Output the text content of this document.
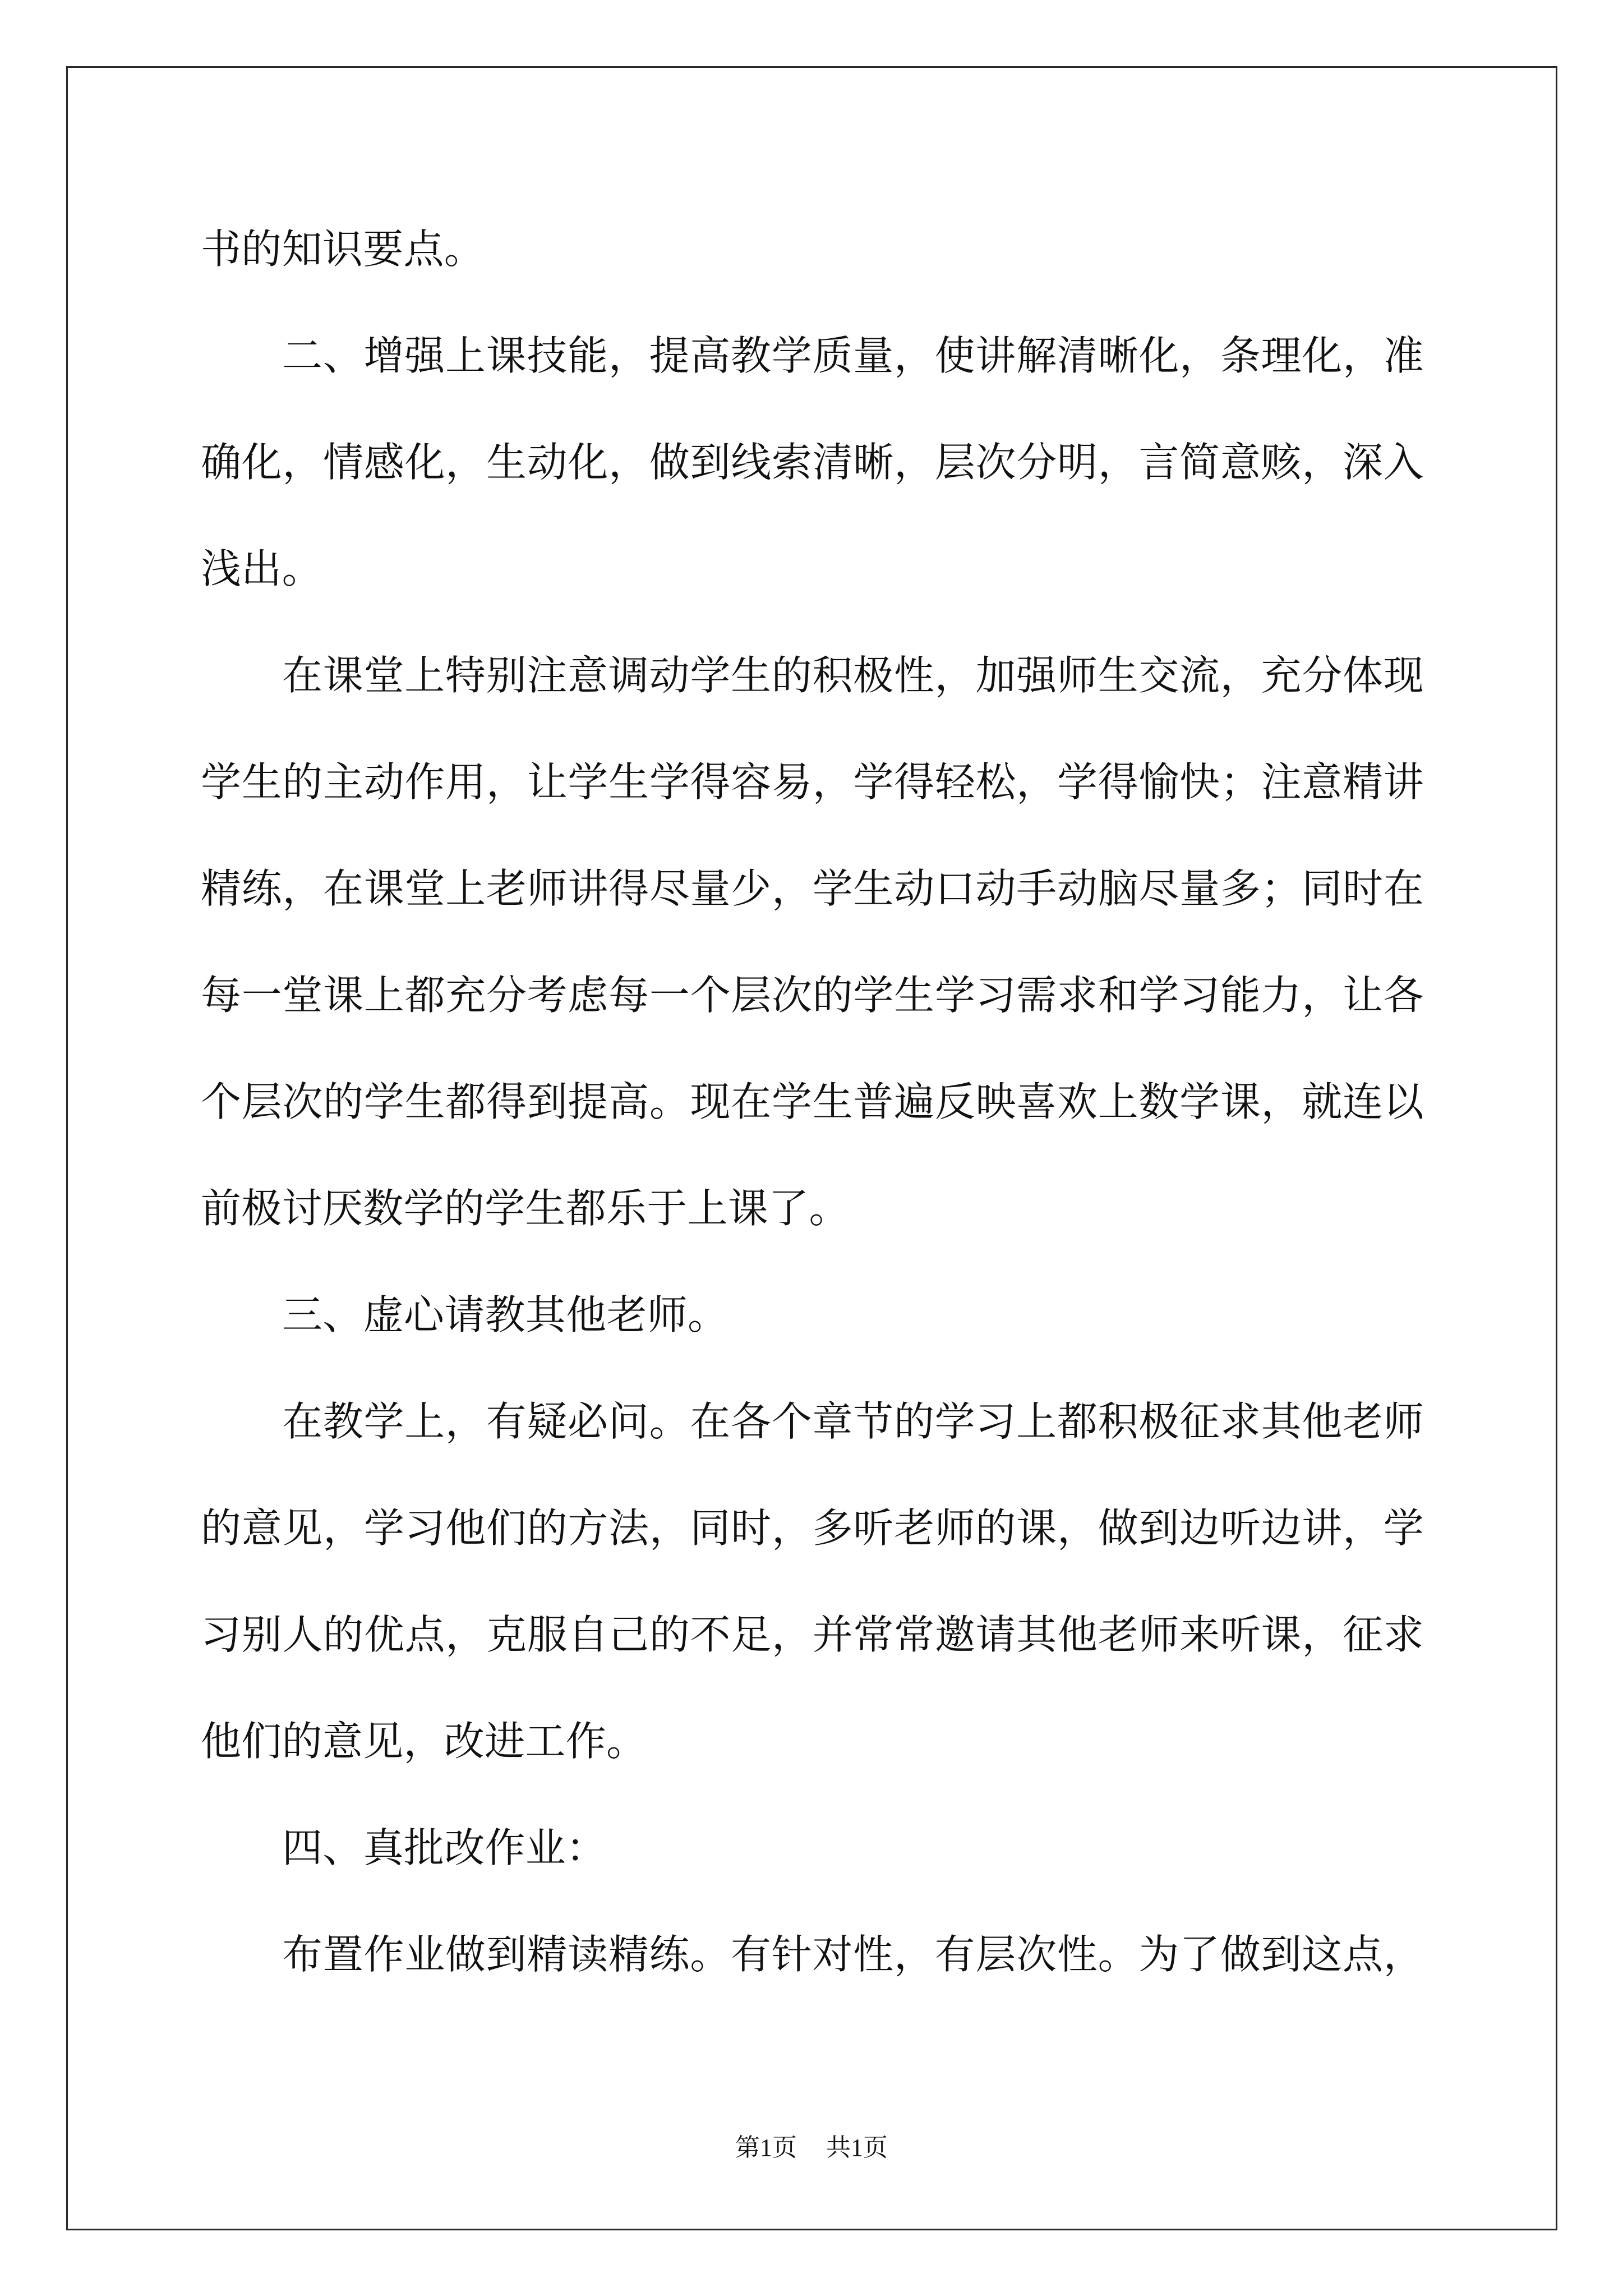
书的知识要点。
二、增强上课技能，提高教学质量，使讲解清晰化，条理化，准
确化，情感化，生动化，做到线索清晰，层次分明，言简意赅，深入
浅出。
在课堂上特别注意调动学生的积极性，加强师生交流，充分体现
学生的主动作用，让学生学得容易，学得轻松，学得愉快；注意精讲
精练，在课堂上老师讲得尽量少，学生动口动手动脑尽量多；同时在
每一堂课上都充分考虑每一个层次的学生学习需求和学习能力，让各
个层次的学生都得到提高。现在学生普遍反映喜欢上数学课，就连以
前极讨厌数学的学生都乐于上课了。
三、虚心请教其他老师。
在教学上，有疑必问。在各个章节的学习上都积极征求其他老师
的意见，学习他们的方法，同时，多听老师的课，做到边听边讲，学
习别人的优点，克服自己的不足，并常常邀请其他老师来听课，征求
他们的意见，改进工作。
四、真批改作业：
布置作业做到精读精练。有针对性，有层次性。为了做到这点，
第1页 共1页
